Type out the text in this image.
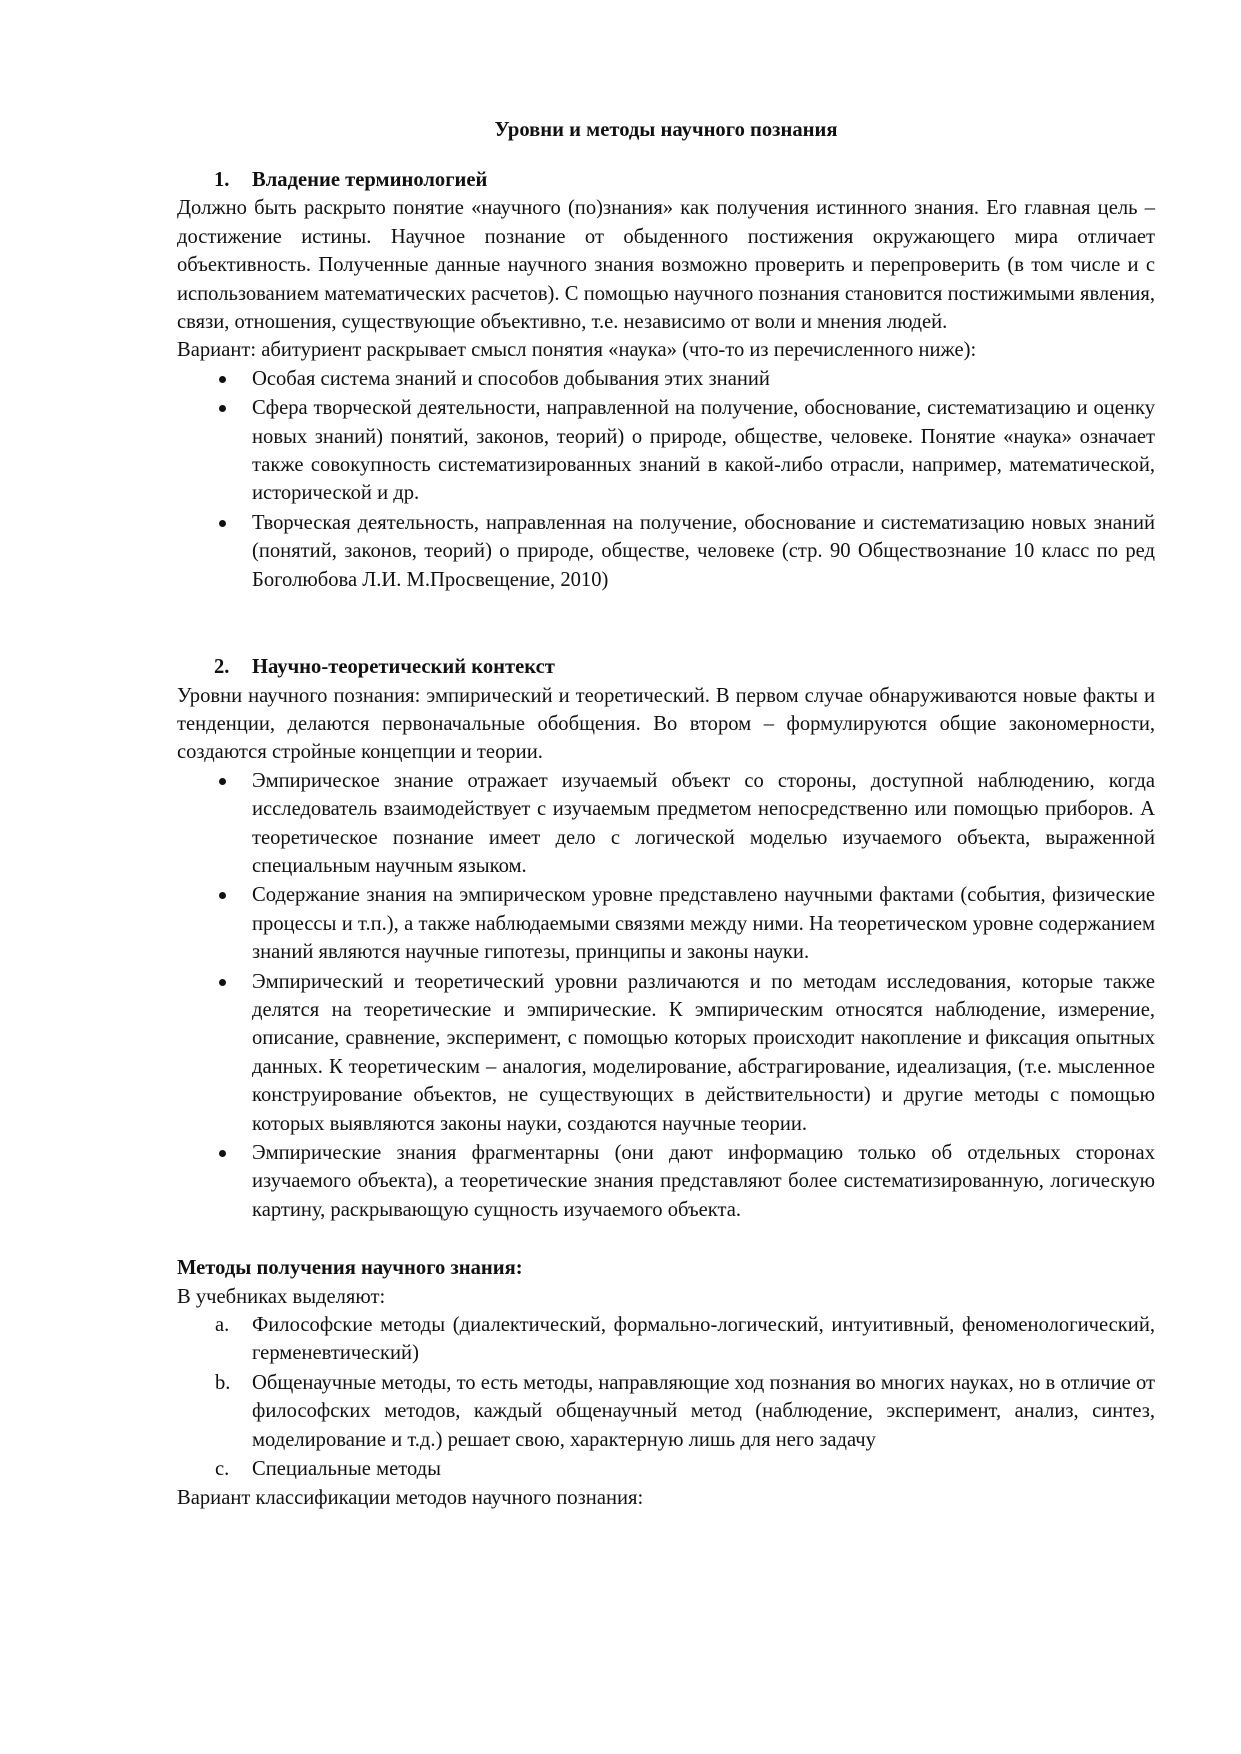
Уровни и методы научного познания
1.	Владение терминологией

Должно быть раскрыто понятие «научного (по)знания» как получения истинного знания. Его главная цель – достижение истины. Научное познание от обыденного постижения окружающего мира отличает объективность. Полученные данные научного знания возможно проверить и перепроверить (в том числе и с использованием математических расчетов). С помощью научного познания становится постижимыми явления, связи, отношения, существующие объективно, т.е. независимо от воли и мнения людей.

Вариант: абитуриент раскрывает смысл понятия «наука» (что-то из перечисленного ниже):

Особая система знаний и способов добывания этих знаний
Сфера творческой деятельности, направленной на получение, обоснование, систематизацию и оценку новых знаний) понятий, законов, теорий) о природе, обществе, человеке. Понятие «наука» означает также совокупность систематизированных знаний в какой-либо отрасли, например, математической, исторической и др.
Творческая деятельность, направленная на получение, обоснование и систематизацию новых знаний (понятий, законов, теорий) о природе, обществе, человеке (стр. 90 Обществознание 10 класс по ред Боголюбова Л.И. М.Просвещение, 2010)
2.	Научно-теоретический контекст

Уровни научного познания: эмпирический и теоретический. В первом случае обнаруживаются новые факты и тенденции, делаются первоначальные обобщения. Во втором – формулируются общие закономерности, создаются стройные концепции и теории.

Эмпирическое знание отражает изучаемый объект со стороны, доступной наблюдению, когда исследователь взаимодействует с изучаемым предметом непосредственно или помощью приборов. А теоретическое познание имеет дело с логической моделью изучаемого объекта, выраженной специальным научным языком.
Содержание знания на эмпирическом уровне представлено научными фактами (события, физические процессы и т.п.), а также наблюдаемыми связями между ними. На теоретическом уровне содержанием знаний являются научные гипотезы, принципы и законы науки.
Эмпирический и теоретический уровни различаются и по методам исследования, которые также делятся на теоретические и эмпирические. К эмпирическим относятся наблюдение, измерение, описание, сравнение, эксперимент, с помощью которых происходит накопление и фиксация опытных данных. К теоретическим – аналогия, моделирование, абстрагирование, идеализация, (т.е. мысленное конструирование объектов, не существующих в действительности) и другие методы с помощью которых выявляются законы науки, создаются научные теории.
Эмпирические знания фрагментарны (они дают информацию только об отдельных сторонах изучаемого объекта), а теоретические знания представляют более систематизированную, логическую картину, раскрывающую сущность изучаемого объекта.

Методы получения научного знания:

В учебниках выделяют:

a.	Философские методы (диалектический, формально-логический, интуитивный, феноменологический, герменевтический)
b.	Общенаучные методы, то есть методы, направляющие ход познания во многих науках, но в отличие от философских методов, каждый общенаучный метод (наблюдение, эксперимент, анализ, синтез, моделирование и т.д.) решает свою, характерную лишь для него задачу
c.	Специальные методы

Вариант классификации методов научного познания:
